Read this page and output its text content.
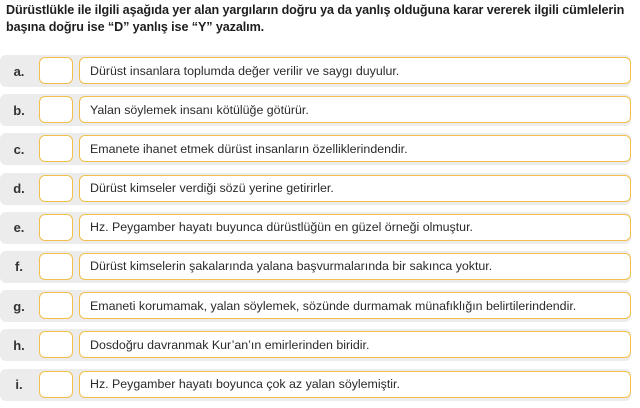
Dürüstlükle ile ilgili aşağıda yer alan yargıların doğru ya da yanlış olduğuna karar vererek ilgili cümlelerin başına doğru ise “D” yanlış ise “Y” yazalım.
a.	Dürüst insanlara toplumda değer verilir ve saygı duyulur.
b.	Yalan söylemek insanı kötülüğe götürür.
c.	Emanete ihanet etmek dürüst insanların özelliklerindendir.
d.	Dürüst kimseler verdiği sözü yerine getirirler.
e.	Hz. Peygamber hayatı buyunca dürüstlüğün en güzel örneği olmuştur.
f.	Dürüst kimselerin şakalarında yalana başvurmalarında bir sakınca yoktur.
g.	Emaneti korumamak, yalan söylemek, sözünde durmamak münafıklığın belirtilerindendir.
h.	Dosdoğru davranmak Kur’an’ın emirlerinden biridir.
i.	Hz. Peygamber hayatı boyunca çok az yalan söylemiştir.
